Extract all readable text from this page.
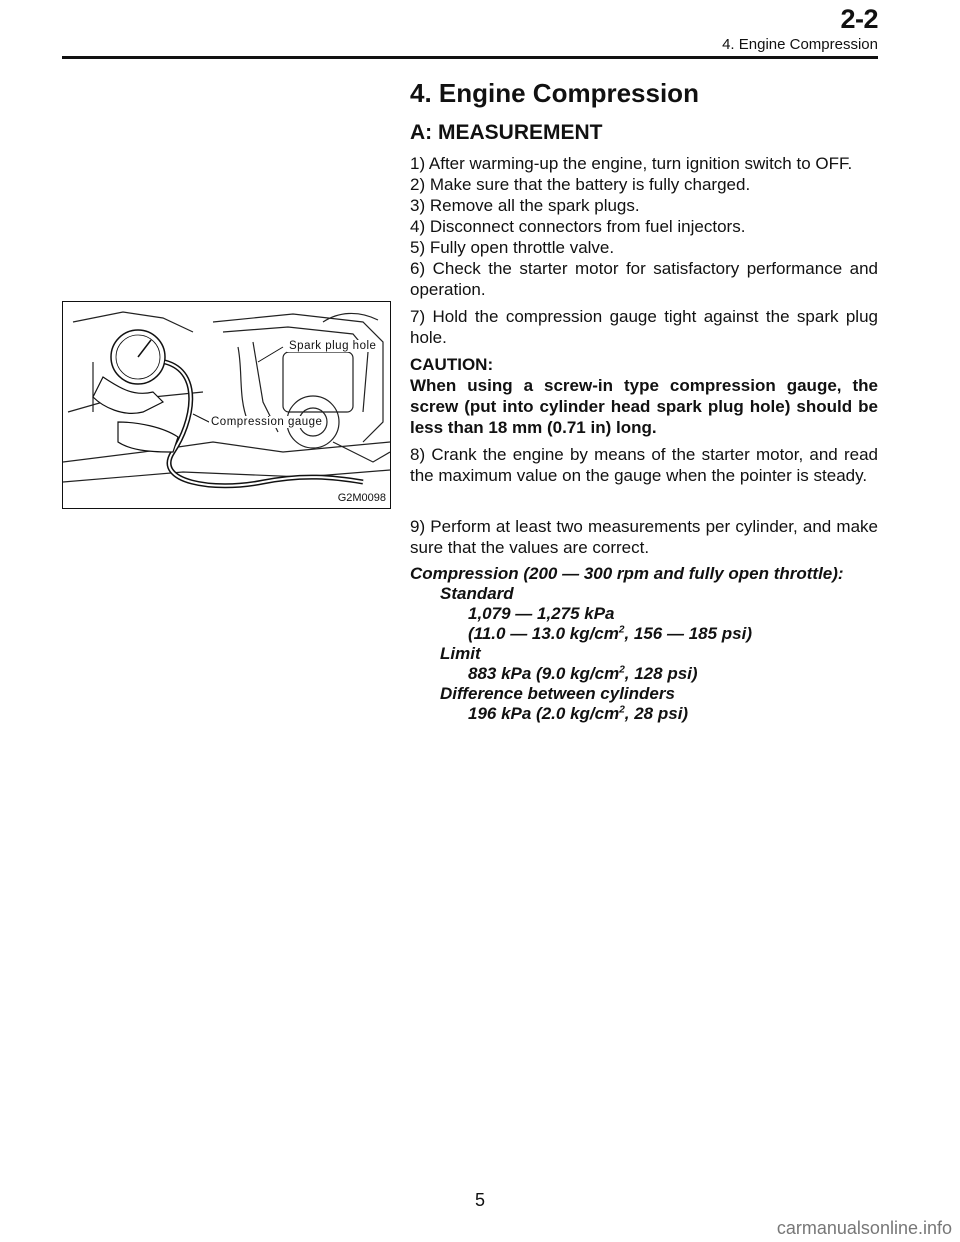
2-2
4. Engine Compression
Spark plug hole
Compression gauge
G2M0098
4. Engine Compression
A: MEASUREMENT

1) After warming-up the engine, turn ignition switch to OFF.

2) Make sure that the battery is fully charged.

3) Remove all the spark plugs.

4) Disconnect connectors from fuel injectors.

5) Fully open throttle valve.

6) Check the starter motor for satisfactory performance and operation.

7) Hold the compression gauge tight against the spark plug hole.

CAUTION:

When using a screw-in type compression gauge, the screw (put into cylinder head spark plug hole) should be less than 18 mm (0.71 in) long.

8) Crank the engine by means of the starter motor, and read the maximum value on the gauge when the pointer is steady.

9) Perform at least two measurements per cylinder, and make sure that the values are correct.

Compression (200 — 300 rpm and fully open throttle):

Standard

1,079 — 1,275 kPa

(11.0 — 13.0 $kg/cm^2$, 156 — 185 psi)

Limit

883 kPa (9.0 $kg/cm^2$, 128 psi)

Difference between cylinders

196 kPa (2.0 $kg/cm^2$, 28 psi)

5
carmanualsonline.info
